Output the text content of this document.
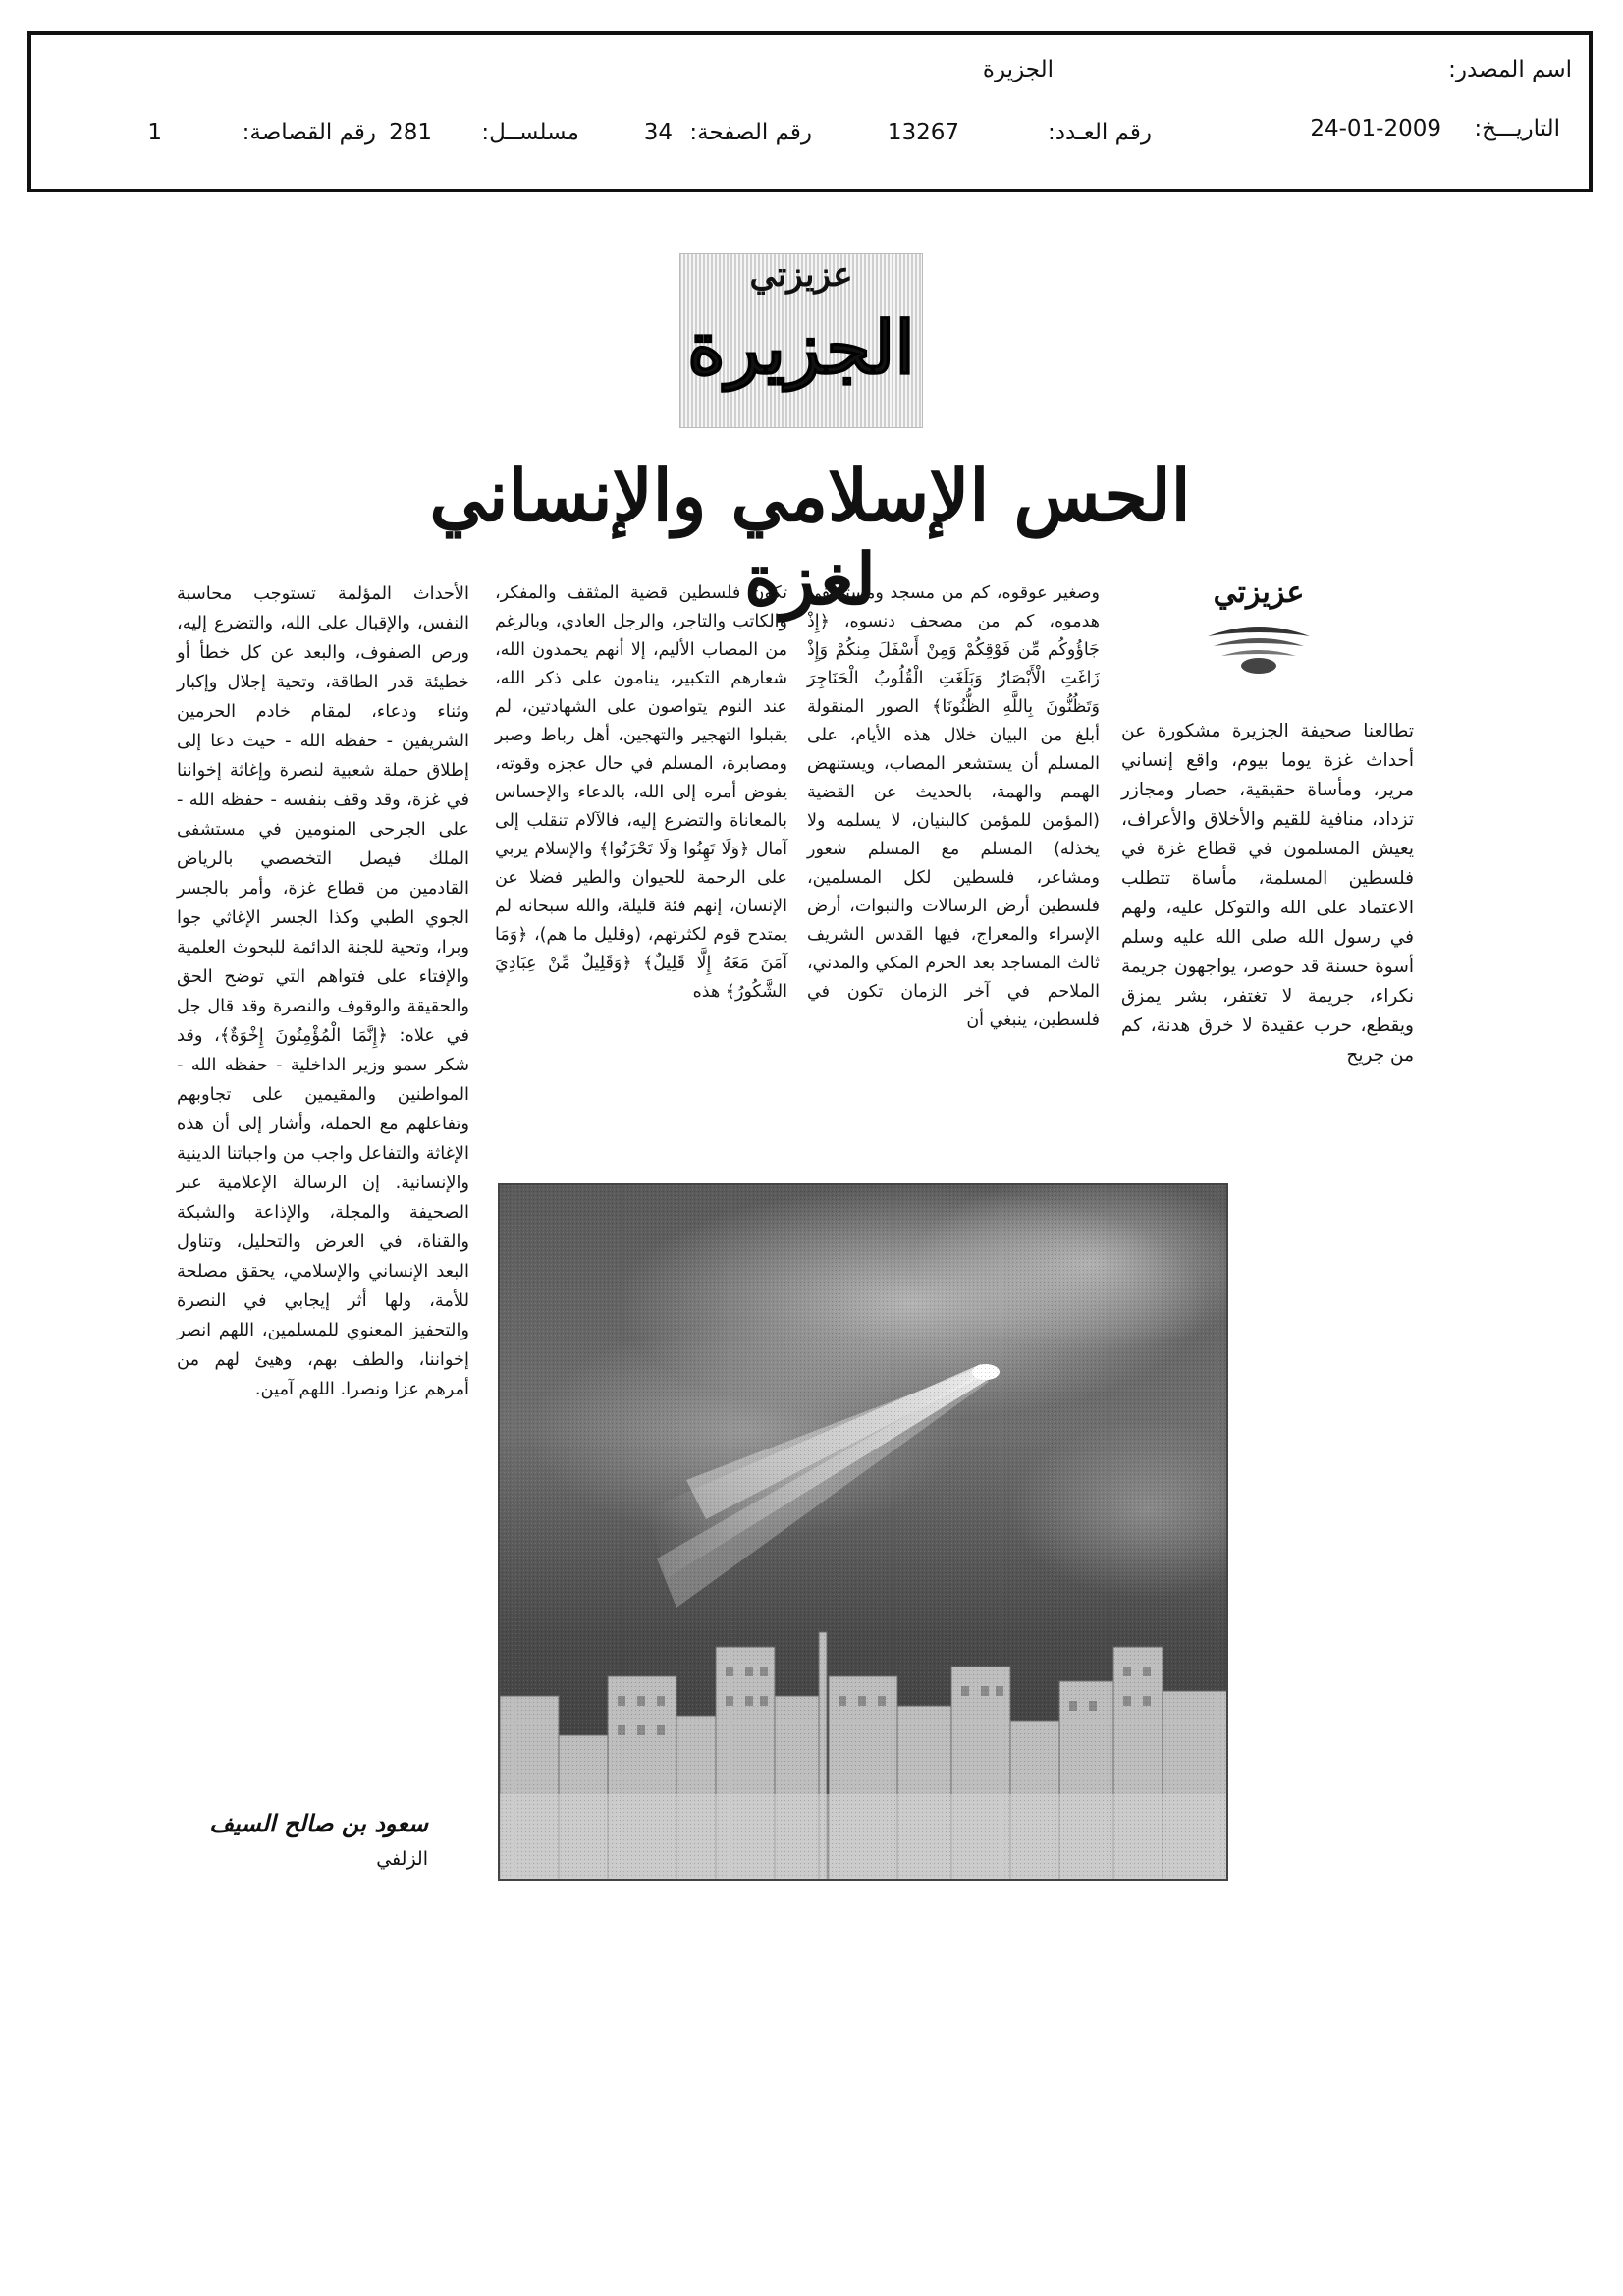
اسم المصدر:
الجزيرة
التاريـــخ:
24-01-2009
رقم العـدد:
13267
رقم الصفحة:
34
مسلســل:
281
رقم القصاصة:
1
عزيزتي
الجزيرة
الحس الإسلامي والإنساني لغزة	عزيزتي

تطالعنا صحيفة الجزيرة مشكورة عن أحداث غزة يوما بيوم، واقع إنساني مرير، ومأساة حقيقية، حصار ومجازر تزداد، منافية للقيم والأخلاق والأعراف، يعيش المسلمون في قطاع غزة في فلسطين المسلمة، مأساة تتطلب الاعتماد على الله والتوكل عليه، ولهم في رسول الله صلى الله عليه وسلم أسوة حسنة قد حوصر، يواجهون جريمة نكراء، جريمة لا تغتفر، بشر يمزق ويقطع، حرب عقيدة لا خرق هدنة، كم من جريح

وصغير عوقوه، كم من مسجد ومستشفى هدموه، كم من مصحف دنسوه، ﴿إِذْ جَاؤُوكُم مِّن فَوْقِكُمْ وَمِنْ أَسْفَلَ مِنكُمْ وَإِذْ زَاغَتِ الْأَبْصَارُ وَبَلَغَتِ الْقُلُوبُ الْحَنَاجِرَ وَتَظُنُّونَ بِاللَّهِ الظُّنُونَا﴾ الصور المنقولة أبلغ من البيان خلال هذه الأيام، على المسلم أن يستشعر المصاب، ويستنهض الهمم والهمة، بالحديث عن القضية (المؤمن للمؤمن كالبنيان، لا يسلمه ولا يخذله) المسلم مع المسلم شعور ومشاعر، فلسطين لكل المسلمين، فلسطين أرض الرسالات والنبوات، أرض الإسراء والمعراج، فيها القدس الشريف ثالث المساجد بعد الحرم المكي والمدني، الملاحم في آخر الزمان تكون في فلسطين، ينبغي أن

تكون فلسطين قضية المثقف والمفكر، والكاتب والتاجر، والرجل العادي، وبالرغم من المصاب الأليم، إلا أنهم يحمدون الله، شعارهم التكبير، ينامون على ذكر الله، عند النوم يتواصون على الشهادتين، لم يقبلوا التهجير والتهجين، أهل رباط وصبر ومصابرة، المسلم في حال عجزه وقوته، يفوض أمره إلى الله، بالدعاء والإحساس بالمعاناة والتضرع إليه، فالآلام تنقلب إلى آمال ﴿وَلَا تَهِنُوا وَلَا تَحْزَنُوا﴾ والإسلام يربي على الرحمة للحيوان والطير فضلا عن الإنسان، إنهم فئة قليلة، والله سبحانه لم يمتدح قوم لكثرتهم، (وقليل ما هم)، ﴿وَمَا آمَنَ مَعَهُ إِلَّا قَلِيلٌ﴾ ﴿وَقَلِيلٌ مِّنْ عِبَادِيَ الشَّكُورُ﴾ هذه

الأحداث المؤلمة تستوجب محاسبة النفس، والإقبال على الله، والتضرع إليه، ورص الصفوف، والبعد عن كل خطأ أو خطيئة قدر الطاقة، وتحية إجلال وإكبار وثناء ودعاء، لمقام خادم الحرمين الشريفين - حفظه الله - حيث دعا إلى إطلاق حملة شعبية لنصرة وإغاثة إخواننا في غزة، وقد وقف بنفسه - حفظه الله - على الجرحى المنومين في مستشفى الملك فيصل التخصصي بالرياض القادمين من قطاع غزة، وأمر بالجسر الجوي الطبي وكذا الجسر الإغاثي جوا وبرا، وتحية للجنة الدائمة للبحوث العلمية والإفتاء على فتواهم التي توضح الحق والحقيقة والوقوف والنصرة وقد قال جل في علاه: ﴿إِنَّمَا الْمُؤْمِنُونَ إِخْوَةٌ﴾، وقد شكر سمو وزير الداخلية - حفظه الله - المواطنين والمقيمين على تجاوبهم وتفاعلهم مع الحملة، وأشار إلى أن هذه الإغاثة والتفاعل واجب من واجباتنا الدينية والإنسانية. إن الرسالة الإعلامية عبر الصحيفة والمجلة، والإذاعة والشبكة والقناة، في العرض والتحليل، وتناول البعد الإنساني والإسلامي، يحقق مصلحة للأمة، ولها أثر إيجابي في النصرة والتحفيز المعنوي للمسلمين، اللهم انصر إخواننا، والطف بهم، وهيئ لهم من أمرهم عزا ونصرا. اللهم آمين.

سعود بن صالح السيف
الزلفي
